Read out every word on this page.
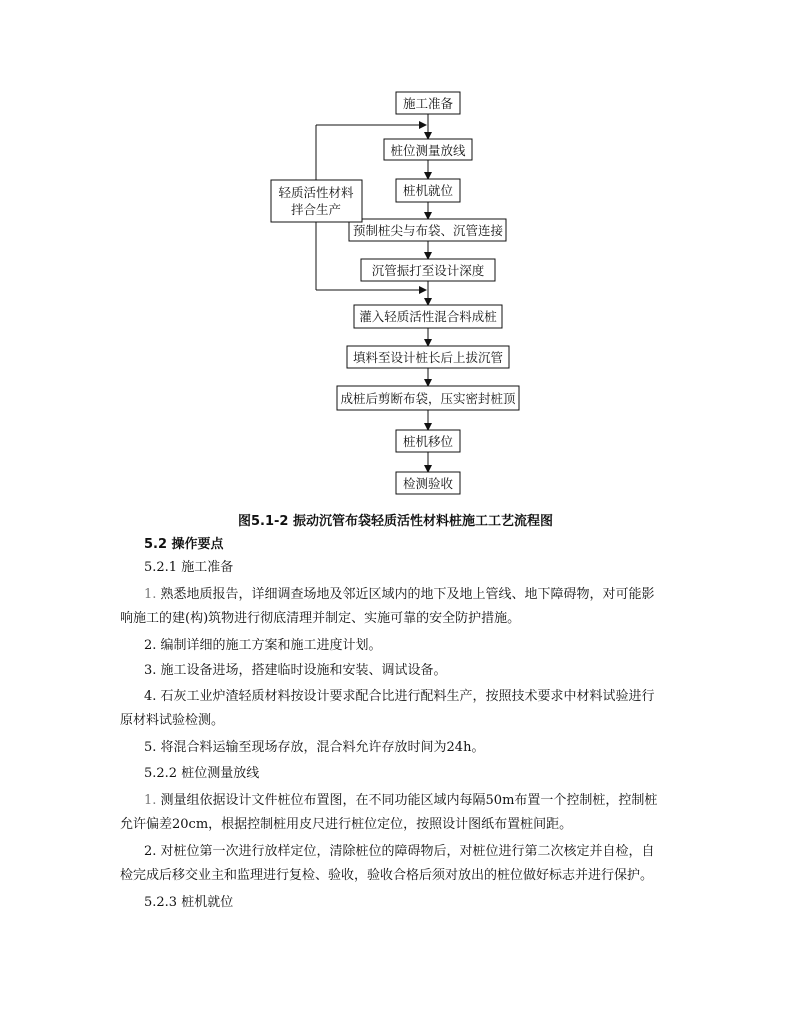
施工准备
桩位测量放线
桩机就位
预制桩尖与布袋、沉管连接
沉管振打至设计深度
灌入轻质活性混合料成桩
填料至设计桩长后上拔沉管
成桩后剪断布袋，压实密封桩顶
桩机移位
检测验收
轻质活性材料
拌合生产
图5.1-2 振动沉管布袋轻质活性材料桩施工工艺流程图
5.2 操作要点
5.2.1 施工准备
1. 熟悉地质报告，详细调查场地及邻近区域内的地下及地上管线、地下障碍物，对可能影
响施工的建(构)筑物进行彻底清理并制定、实施可靠的安全防护措施。
2. 编制详细的施工方案和施工进度计划。
3. 施工设备进场，搭建临时设施和安装、调试设备。
4. 石灰工业炉渣轻质材料按设计要求配合比进行配料生产，按照技术要求中材料试验进行
原材料试验检测。
5. 将混合料运输至现场存放，混合料允许存放时间为24h。
5.2.2 桩位测量放线
1. 测量组依据设计文件桩位布置图，在不同功能区域内每隔50m布置一个控制桩，控制桩
允许偏差20cm，根据控制桩用皮尺进行桩位定位，按照设计图纸布置桩间距。
2. 对桩位第一次进行放样定位，清除桩位的障碍物后，对桩位进行第二次核定并自检，自
检完成后移交业主和监理进行复检、验收，验收合格后须对放出的桩位做好标志并进行保护。
5.2.3 桩机就位
